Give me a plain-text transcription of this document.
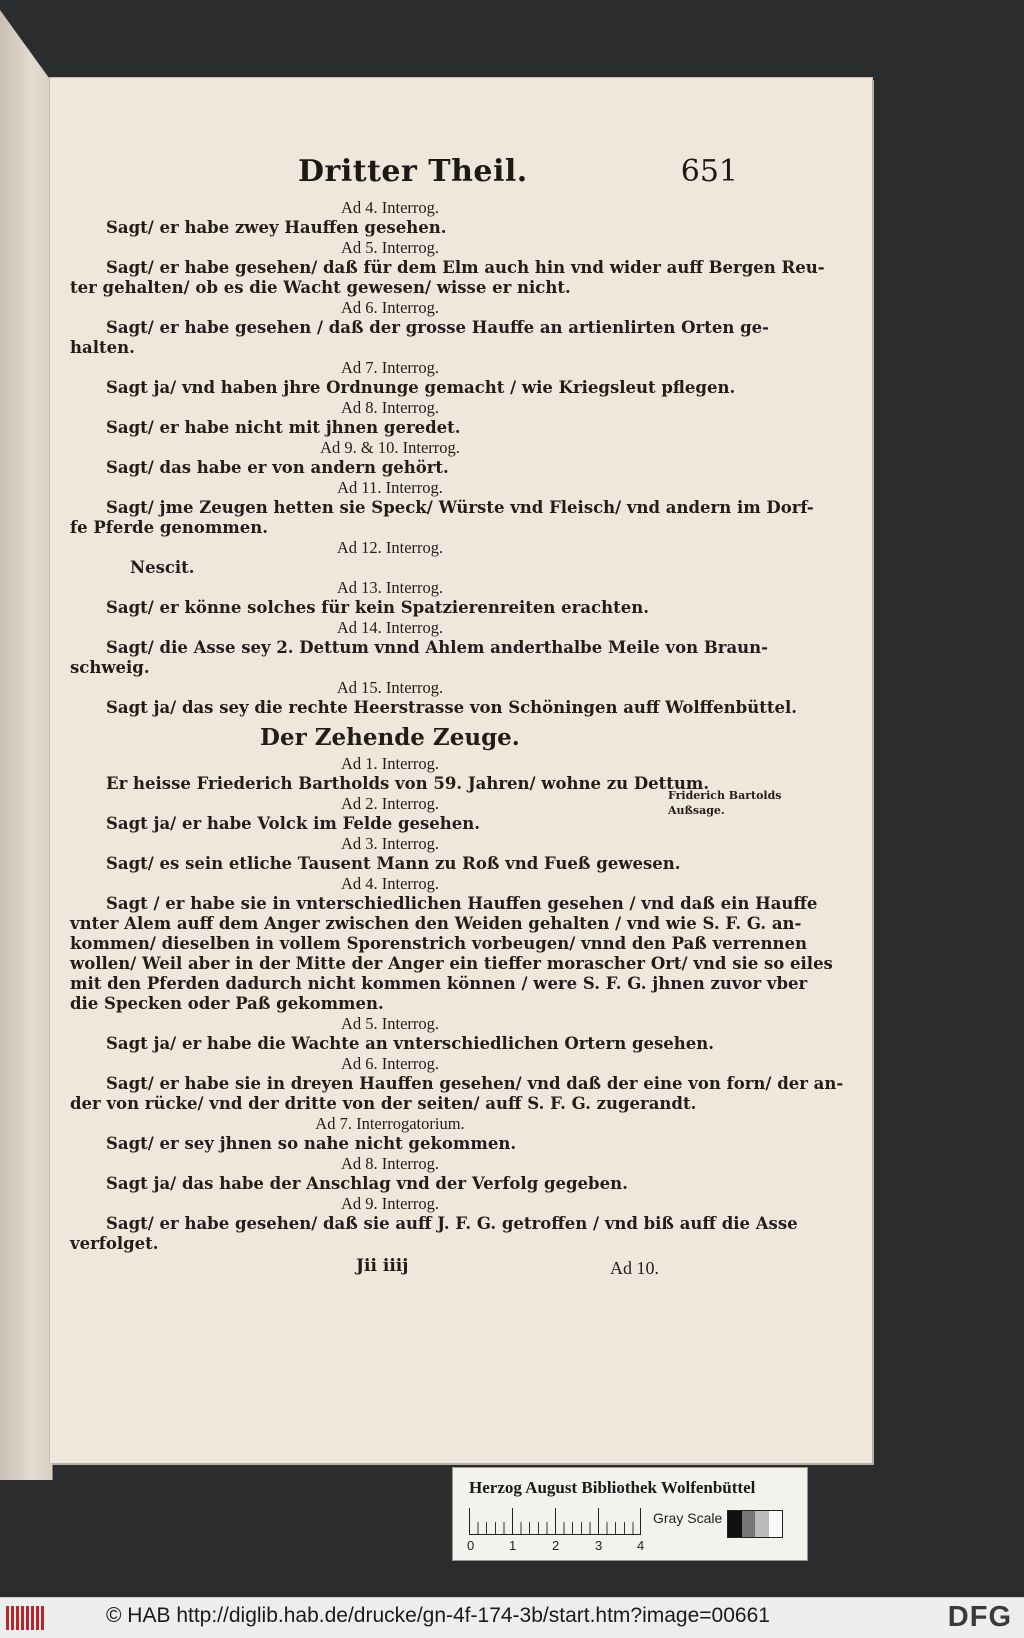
Dritter Theil.	651
Ad 4. Interrog.
Sagt/ er habe zwey Hauffen gesehen.
Ad 5. Interrog.
Sagt/ er habe gesehen/ daß für dem Elm auch hin vnd wider auff Bergen Reu-
ter gehalten/ ob es die Wacht gewesen/ wisse er nicht.
Ad 6. Interrog.
Sagt/ er habe gesehen / daß der grosse Hauffe an artienlirten Orten ge-
halten.
Ad 7. Interrog.
Sagt ja/ vnd haben jhre Ordnunge gemacht / wie Kriegsleut pflegen.
Ad 8. Interrog.
Sagt/ er habe nicht mit jhnen geredet.
Ad 9. & 10. Interrog.
Sagt/ das habe er von andern gehört.
Ad 11. Interrog.
Sagt/ jme Zeugen hetten sie Speck/ Würste vnd Fleisch/ vnd andern im Dorf-
fe Pferde genommen.
Ad 12. Interrog.
Nescit.
Ad 13. Interrog.
Sagt/ er könne solches für kein Spatzierenreiten erachten.
Ad 14. Interrog.
Sagt/ die Asse sey 2. Dettum vnnd Ahlem anderthalbe Meile von Braun-
schweig.
Ad 15. Interrog.
Sagt ja/ das sey die rechte Heerstrasse von Schöningen auff Wolffenbüttel.
Der Zehende Zeuge.
Ad 1. Interrog.
Er heisse Friederich Bartholds von 59. Jahren/ wohne zu Dettum.
Ad 2. Interrog.
Sagt ja/ er habe Volck im Felde gesehen.
Ad 3. Interrog.
Sagt/ es sein etliche Tausent Mann zu Roß vnd Fueß gewesen.
Ad 4. Interrog.
Sagt / er habe sie in vnterschiedlichen Hauffen gesehen / vnd daß ein Hauffe
vnter Alem auff dem Anger zwischen den Weiden gehalten / vnd wie S. F. G. an-
kommen/ dieselben in vollem Sporenstrich vorbeugen/ vnnd den Paß verrennen
wollen/ Weil aber in der Mitte der Anger ein tieffer morascher Ort/ vnd sie so eiles
mit den Pferden dadurch nicht kommen können / were S. F. G. jhnen zuvor vber
die Specken oder Paß gekommen.
Ad 5. Interrog.
Sagt ja/ er habe die Wachte an vnterschiedlichen Ortern gesehen.
Ad 6. Interrog.
Sagt/ er habe sie in dreyen Hauffen gesehen/ vnd daß der eine von forn/ der an-
der von rücke/ vnd der dritte von der seiten/ auff S. F. G. zugerandt.
Ad 7. Interrogatorium.
Sagt/ er sey jhnen so nahe nicht gekommen.
Ad 8. Interrog.
Sagt ja/ das habe der Anschlag vnd der Verfolg gegeben.
Ad 9. Interrog.
Sagt/ er habe gesehen/ daß sie auff J. F. G. getroffen / vnd biß auff die Asse
verfolget.
Friderich Bartolds
Außsage.
Jii iiij	Ad 10.
Herzog August Bibliothek Wolfenbüttel
0	1	2	3	4
Gray Scale
© HAB http://diglib.hab.de/drucke/gn-4f-174-3b/start.htm?image=00661	DFG
